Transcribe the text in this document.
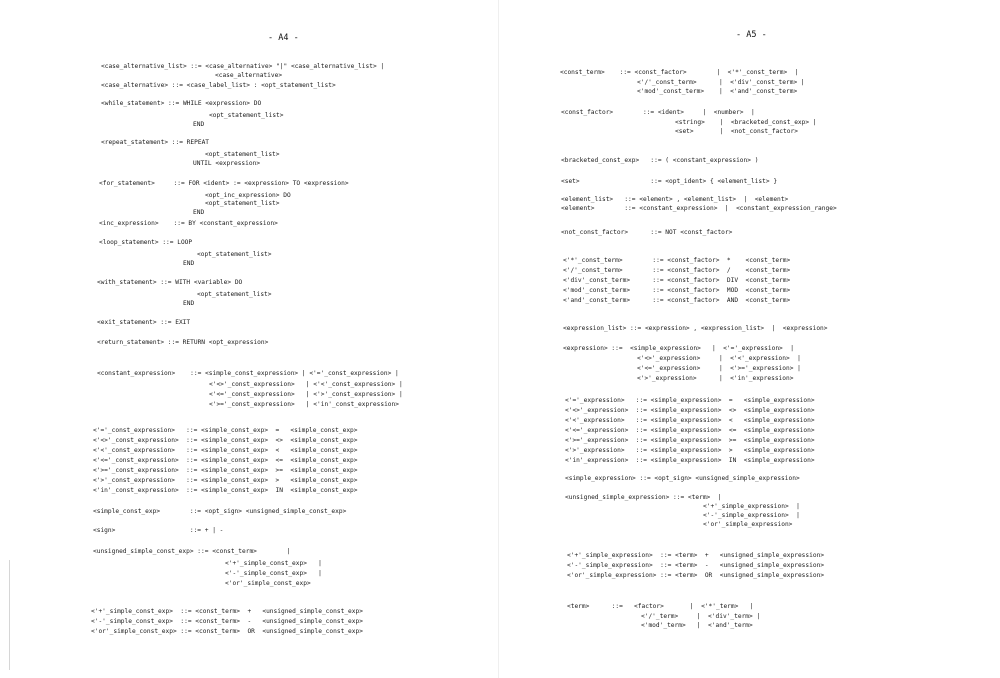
- A4 -	- A5 -
<case_alternative_list> ::= <case_alternative> "|" <case_alternative_list> |
<case_alternative>
<case_alternative> ::= <case_label_list> : <opt_statement_list>
<while_statement> ::= WHILE <expression> DO
<opt_statement_list>
END
<repeat_statement> ::= REPEAT
<opt_statement_list>
UNTIL <expression>
<for_statement>     ::= FOR <ident> := <expression> TO <expression>
<opt_inc_expression> DO
<opt_statement_list>
END
<inc_expression>    ::= BY <constant_expression>
<loop_statement> ::= LOOP
<opt_statement_list>
END
<with_statement> ::= WITH <variable> DO
<opt_statement_list>
END
<exit_statement> ::= EXIT
<return_statement> ::= RETURN <opt_expression>
<constant_expression>    ::= <simple_const_expression> | <'='_const_expression> |
<'<>'_const_expression>   | <'<'_const_expression> |
<'<='_const_expression>   | <'>'_const_expression> |
<'>='_const_expression>   | <'in'_const_expression>
<'='_const_expression>   ::= <simple_const_exp>  =   <simple_const_exp>
<'<>'_const_expression>  ::= <simple_const_exp>  <>  <simple_const_exp>
<'<'_const_expression>   ::= <simple_const_exp>  <   <simple_const_exp>
<'<='_const_expression>  ::= <simple_const_exp>  <=  <simple_const_exp>
<'>='_const_expression>  ::= <simple_const_exp>  >=  <simple_const_exp>
<'>'_const_expression>   ::= <simple_const_exp>  >   <simple_const_exp>
<'in'_const_expression>  ::= <simple_const_exp>  IN  <simple_const_exp>
<simple_const_exp>        ::= <opt_sign> <unsigned_simple_const_exp>
<sign>                    ::= + | -
<unsigned_simple_const_exp> ::= <const_term>        |
<'+'_simple_const_exp>   |
<'-'_simple_const_exp>   |
<'or'_simple_const_exp>
<'+'_simple_const_exp>  ::= <const_term>  +   <unsigned_simple_const_exp>
<'-'_simple_const_exp>  ::= <const_term>  -   <unsigned_simple_const_exp>
<'or'_simple_const_exp> ::= <const_term>  OR  <unsigned_simple_const_exp>
<const_term>    ::= <const_factor>        |  <'*'_const_term>  |
<'/'_const_term>      |  <'div'_const_term> |
<'mod'_const_term>    |  <'and'_const_term>
<const_factor>        ::= <ident>     |  <number>  |
<string>    |  <bracketed_const_exp> |
<set>       |  <not_const_factor>
<bracketed_const_exp>   ::= ( <constant_expression> )
<set>                   ::= <opt_ident> { <element_list> }
<element_list>   ::= <element> , <element_list>  |  <element>
<element>        ::= <constant_expression>  |  <constant_expression_range>
<not_const_factor>      ::= NOT <const_factor>
<'*'_const_term>        ::= <const_factor>  *    <const_term>
<'/'_const_term>        ::= <const_factor>  /    <const_term>
<'div'_const_term>      ::= <const_factor>  DIV  <const_term>
<'mod'_const_term>      ::= <const_factor>  MOD  <const_term>
<'and'_const_term>      ::= <const_factor>  AND  <const_term>
<expression_list> ::= <expression> , <expression_list>  |  <expression>
<expression> ::=  <simple_expression>   |  <'='_expression>  |
<'<>'_expression>     |  <'<'_expression>  |
<'<='_expression>     |  <'>='_expression> |
<'>'_expression>      |  <'in'_expression>
<'='_expression>   ::= <simple_expression>  =   <simple_expression>
<'<>'_expression>  ::= <simple_expression>  <>  <simple_expression>
<'<'_expression>   ::= <simple_expression>  <   <simple_expression>
<'<='_expression>  ::= <simple_expression>  <=  <simple_expression>
<'>='_expression>  ::= <simple_expression>  >=  <simple_expression>
<'>'_expression>   ::= <simple_expression>  >   <simple_expression>
<'in'_expression>  ::= <simple_expression>  IN  <simple_expression>
<simple_expression> ::= <opt_sign> <unsigned_simple_expression>
<unsigned_simple_expression> ::= <term>  |
<'+'_simple_expression>  |
<'-'_simple_expression>  |
<'or'_simple_expression>
<'+'_simple_expression>  ::= <term>  +   <unsigned_simple_expression>
<'-'_simple_expression>  ::= <term>  -   <unsigned_simple_expression>
<'or'_simple_expression> ::= <term>  OR  <unsigned_simple_expression>
<term>      ::=   <factor>       |  <'*'_term>   |
<'/'_term>     |  <'div'_term> |
<'mod'_term>   |  <'and'_term>
